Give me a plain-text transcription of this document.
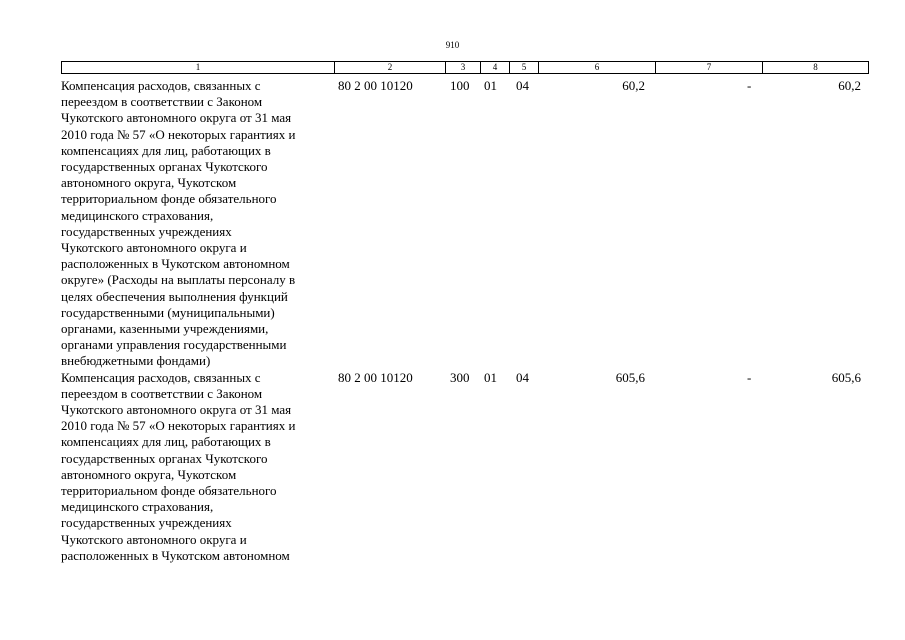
910
1	2	3	4	5	6	7	8
Компенсация расходов, связанных с
переездом в соответствии с Законом
Чукотского автономного округа от 31 мая
2010 года № 57 «О некоторых гарантиях и
компенсациях для лиц, работающих в
государственных органах Чукотского
автономного округа, Чукотском
территориальном фонде обязательного
медицинского страхования,
государственных учреждениях
Чукотского автономного округа и
расположенных в Чукотском автономном
округе» (Расходы на выплаты персоналу в
целях обеспечения выполнения функций
государственными (муниципальными)
органами, казенными учреждениями,
органами управления государственными
внебюджетными фондами)
80 2 00 10120	100 01 04	60,2	-	60,2
Компенсация расходов, связанных с
переездом в соответствии с Законом
Чукотского автономного округа от 31 мая
2010 года № 57 «О некоторых гарантиях и
компенсациях для лиц, работающих в
государственных органах Чукотского
автономного округа, Чукотском
территориальном фонде обязательного
медицинского страхования,
государственных учреждениях
Чукотского автономного округа и
расположенных в Чукотском автономном
80 2 00 10120	300 01 04	605,6	-	605,6
